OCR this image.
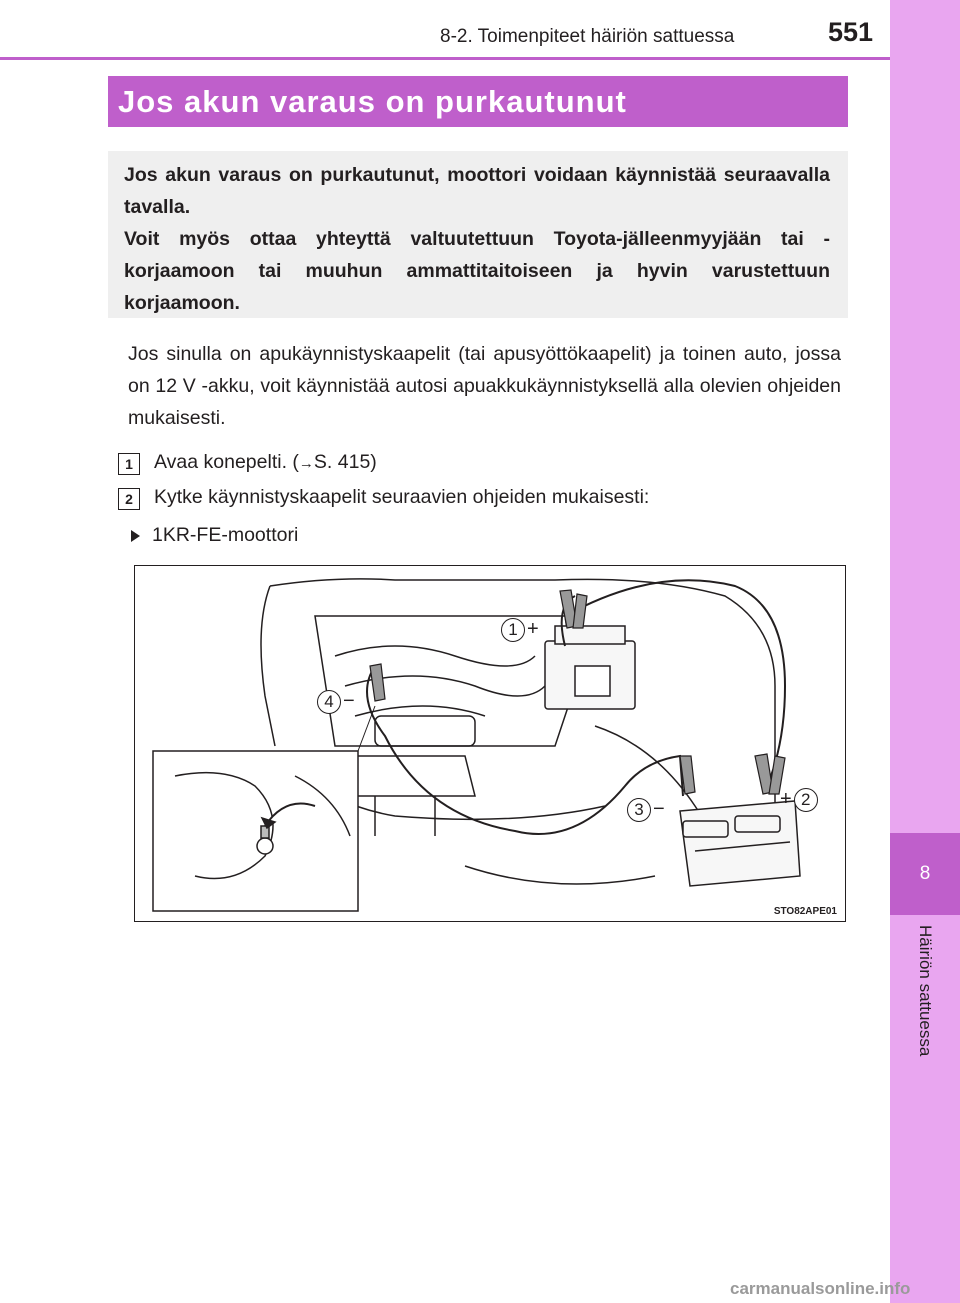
8
Häiriön sattuessa
8-2. Toimenpiteet häiriön sattuessa	551
Jos akun varaus on purkautunut

Jos akun varaus on purkautunut, moottori voidaan käynnistää seuraavalla tavalla.

Voit myös ottaa yhteyttä valtuutettuun Toyota-jälleenmyyjään tai -korjaamoon tai muuhun ammattitaitoiseen ja hyvin varustettuun korjaamoon.

Jos sinulla on apukäynnistyskaapelit (tai apusyöttökaapelit) ja toinen auto, jossa on 12 V -akku, voit käynnistää autosi apuakkukäynnistyksellä alla olevien ohjeiden mukaisesti.
1	Avaa konepelti. (→S. 415)
2	Kytke käynnistyskaapelit seuraavien ohjeiden mukaisesti:
1KR-FE-moottori
1 +
+ 2
3 −
4 −
STO82APE01
carmanualsonline.info
